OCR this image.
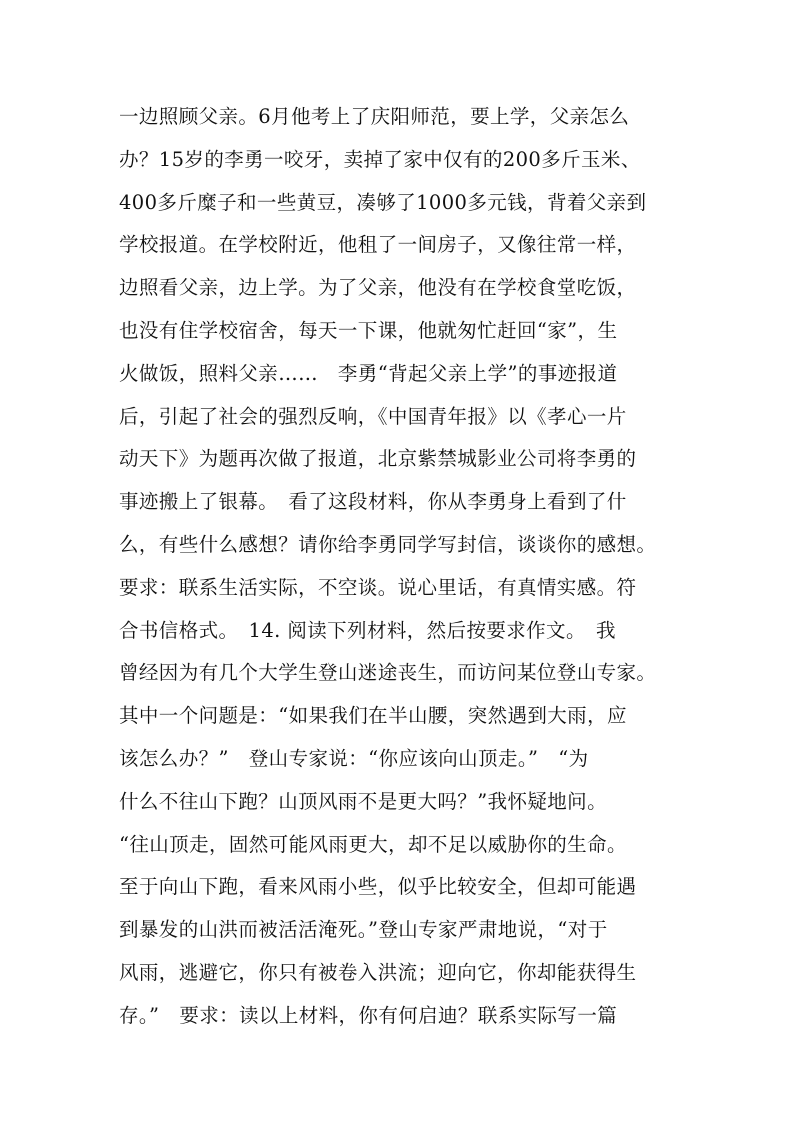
一边照顾父亲。6月他考上了庆阳师范，要上学，父亲怎么
办？15岁的李勇一咬牙，卖掉了家中仅有的200多斤玉米、
400多斤糜子和一些黄豆，凑够了1000多元钱，背着父亲到
学校报道。在学校附近，他租了一间房子，又像往常一样，
边照看父亲，边上学。为了父亲，他没有在学校食堂吃饭，
也没有住学校宿舍，每天一下课，他就匆忙赶回“家”，生
火做饭，照料父亲……　李勇“背起父亲上学”的事迹报道
后，引起了社会的强烈反响，《中国青年报》以《孝心一片
动天下》为题再次做了报道，北京紫禁城影业公司将李勇的
事迹搬上了银幕。　看了这段材料，你从李勇身上看到了什
么，有些什么感想？请你给李勇同学写封信，谈谈你的感想。
要求：联系生活实际，不空谈。说心里话，有真情实感。符
合书信格式。　14. 阅读下列材料，然后按要求作文。　我
曾经因为有几个大学生登山迷途丧生，而访问某位登山专家。
其中一个问题是：“如果我们在半山腰，突然遇到大雨，应
该怎么办？”　登山专家说：“你应该向山顶走。”　“为
什么不往山下跑？山顶风雨不是更大吗？”我怀疑地问。
“往山顶走，固然可能风雨更大，却不足以威胁你的生命。
至于向山下跑，看来风雨小些，似乎比较安全，但却可能遇
到暴发的山洪而被活活淹死。”登山专家严肃地说，“对于
风雨，逃避它，你只有被卷入洪流；迎向它，你却能获得生
存。”　要求：读以上材料，你有何启迪？联系实际写一篇
